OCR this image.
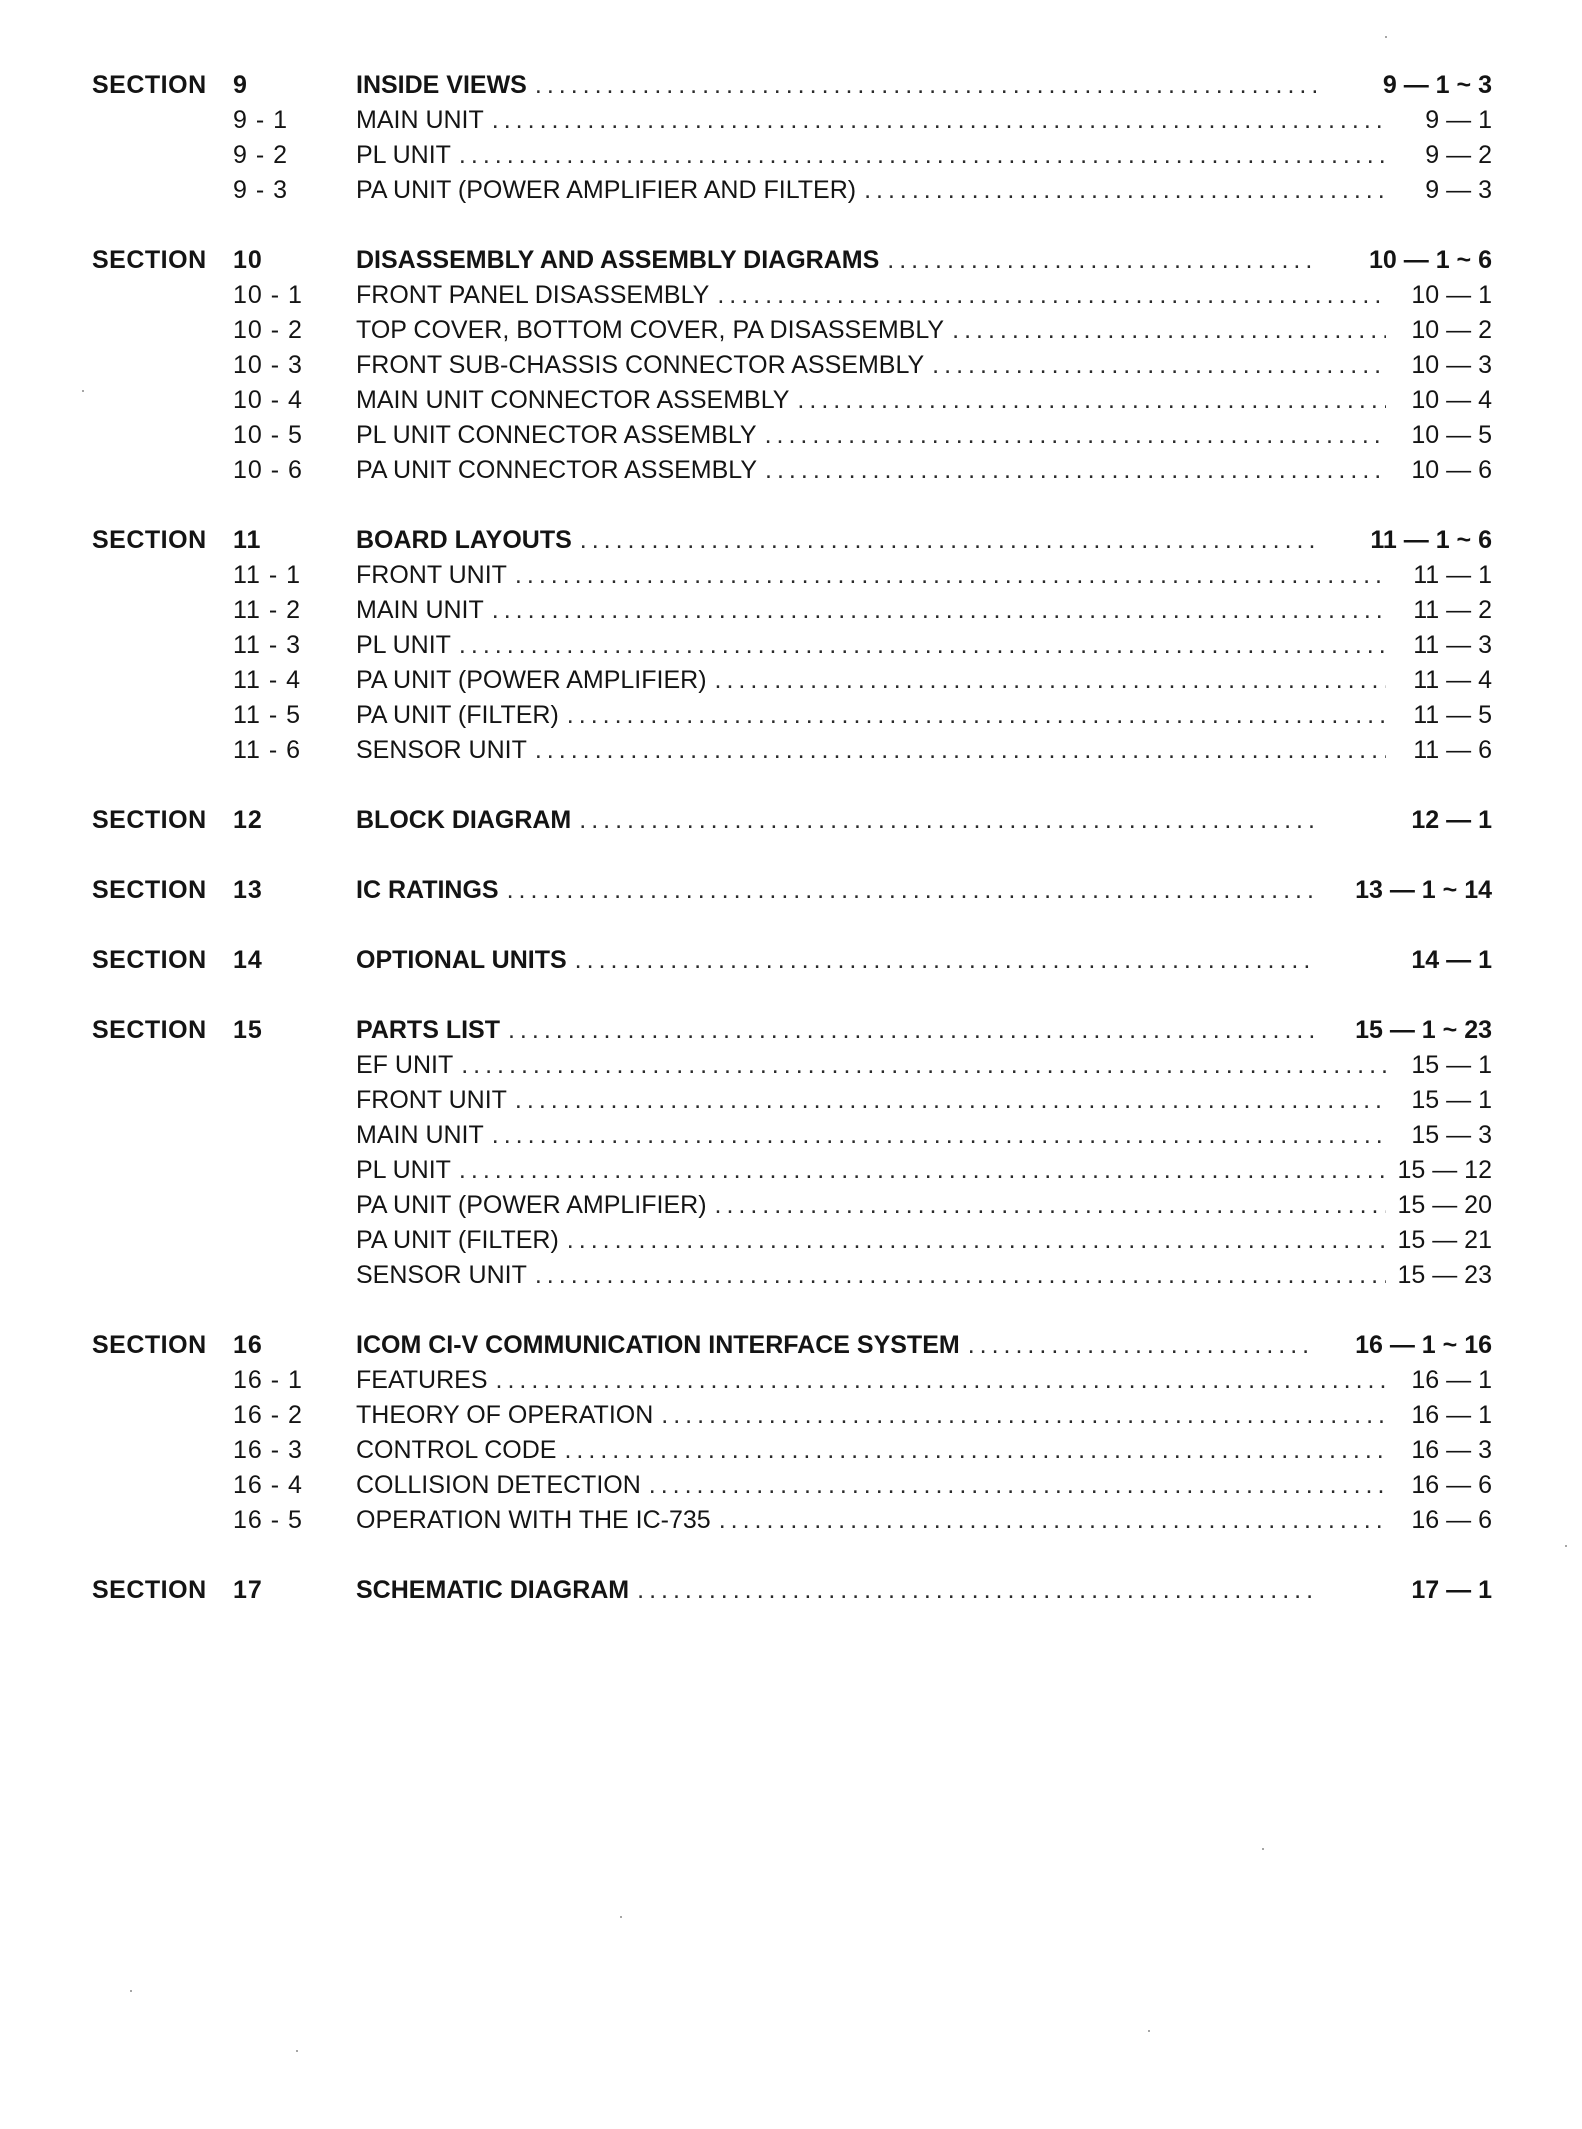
SECTION	9	INSIDE VIEWS .....	9 — 1 ~ 3
9 - 1	MAIN UNIT .....	9 — 1
9 - 2	PL UNIT .....	9 — 2
9 - 3	PA UNIT (POWER AMPLIFIER AND FILTER) .....	9 — 3
SECTION	10	DISASSEMBLY AND ASSEMBLY DIAGRAMS .....	10 — 1 ~ 6
10 - 1	FRONT PANEL DISASSEMBLY .....	10 — 1
10 - 2	TOP COVER, BOTTOM COVER, PA DISASSEMBLY .....	10 — 2
10 - 3	FRONT SUB-CHASSIS CONNECTOR ASSEMBLY .....	10 — 3
10 - 4	MAIN UNIT CONNECTOR ASSEMBLY .....	10 — 4
10 - 5	PL UNIT CONNECTOR ASSEMBLY .....	10 — 5
10 - 6	PA UNIT CONNECTOR ASSEMBLY .....	10 — 6
SECTION	11	BOARD LAYOUTS .....	11 — 1 ~ 6
11 - 1	FRONT UNIT .....	11 — 1
11 - 2	MAIN UNIT .....	11 — 2
11 - 3	PL UNIT .....	11 — 3
11 - 4	PA UNIT (POWER AMPLIFIER) .....	11 — 4
11 - 5	PA UNIT (FILTER) .....	11 — 5
11 - 6	SENSOR UNIT .....	11 — 6
SECTION	12	BLOCK DIAGRAM .....	12 — 1
SECTION	13	IC RATINGS .....	13 — 1 ~ 14
SECTION	14	OPTIONAL UNITS .....	14 — 1
SECTION	15	PARTS LIST .....	15 — 1 ~ 23
EF UNIT .....	15 — 1
FRONT UNIT .....	15 — 1
MAIN UNIT .....	15 — 3
PL UNIT .....	15 — 12
PA UNIT (POWER AMPLIFIER) .....	15 — 20
PA UNIT (FILTER) .....	15 — 21
SENSOR UNIT .....	15 — 23
SECTION	16	ICOM CI-V COMMUNICATION INTERFACE SYSTEM .....	16 — 1 ~ 16
16 - 1	FEATURES .....	16 — 1
16 - 2	THEORY OF OPERATION .....	16 — 1
16 - 3	CONTROL CODE .....	16 — 3
16 - 4	COLLISION DETECTION .....	16 — 6
16 - 5	OPERATION WITH THE IC-735 .....	16 — 6
SECTION	17	SCHEMATIC DIAGRAM .....	17 — 1
